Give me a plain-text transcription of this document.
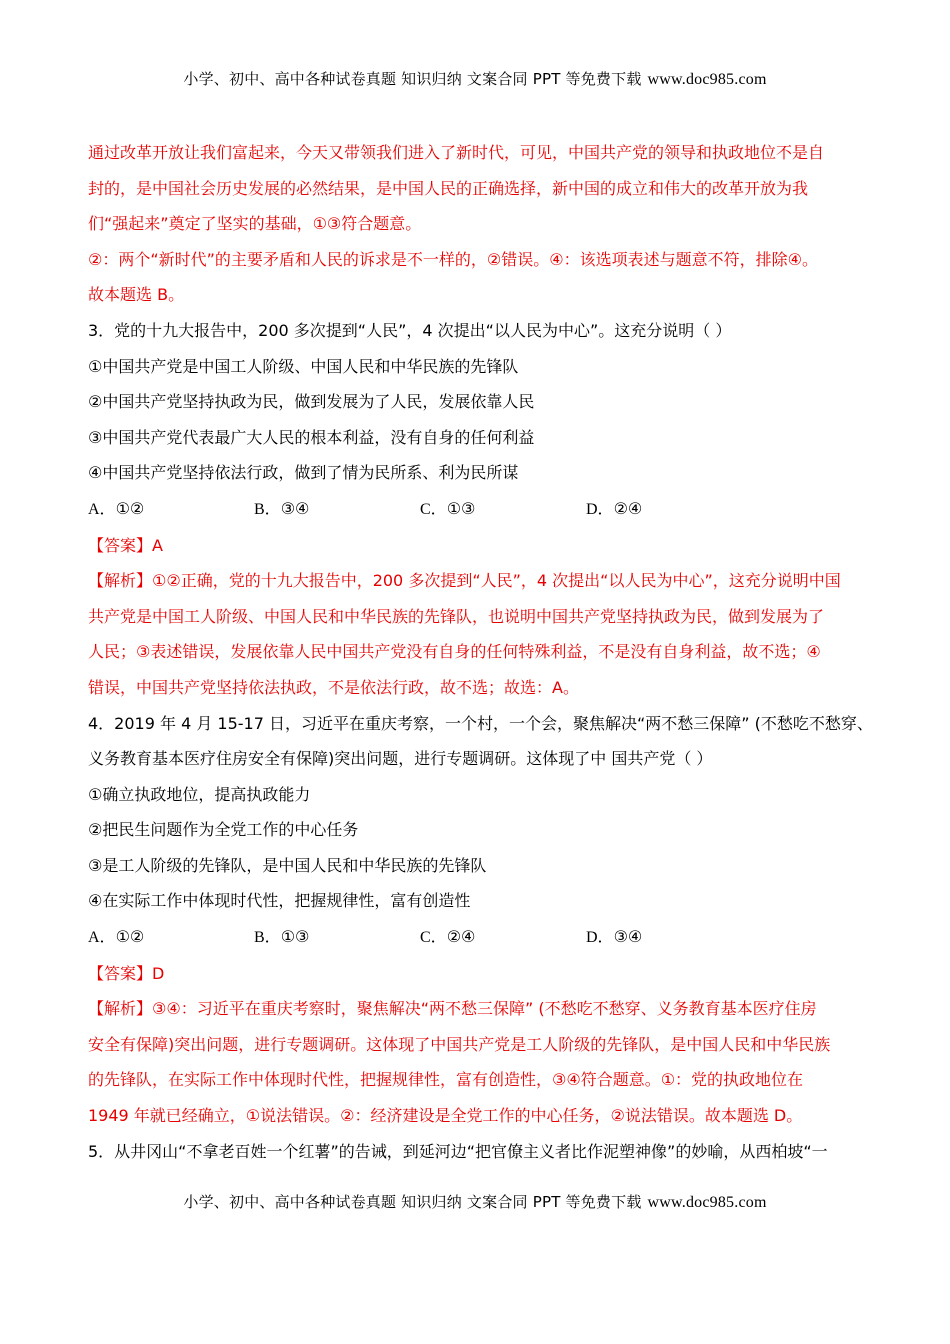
小学、初中、高中各种试卷真题 知识归纳 文案合同 PPT 等免费下载 www.doc985.com
通过改革开放让我们富起来，今天又带领我们进入了新时代，可见，中国共产党的领导和执政地位不是自
封的，是中国社会历史发展的必然结果，是中国人民的正确选择，新中国的成立和伟大的改革开放为我
们“强起来”奠定了坚实的基础，①③符合题意。
②：两个“新时代”的主要矛盾和人民的诉求是不一样的，②错误。④：该选项表述与题意不符，排除④。
故本题选 B。
3．党的十九大报告中，200 多次提到“人民”，4 次提出“以人民为中心”。这充分说明（ ）
①中国共产党是中国工人阶级、中国人民和中华民族的先锋队
②中国共产党坚持执政为民，做到发展为了人民，发展依靠人民
③中国共产党代表最广大人民的根本利益，没有自身的任何利益
④中国共产党坚持依法行政，做到了情为民所系、利为民所谋
A．①②	B．③④	C．①③	D．②④
【答案】A
【解析】①②正确，党的十九大报告中，200 多次提到“人民”，4 次提出“以人民为中心”，这充分说明中国
共产党是中国工人阶级、中国人民和中华民族的先锋队，也说明中国共产党坚持执政为民，做到发展为了
人民；③表述错误，发展依靠人民中国共产党没有自身的任何特殊利益，不是没有自身利益，故不选；④
错误，中国共产党坚持依法执政，不是依法行政，故不选；故选：A。
4．2019 年 4 月 15-17 日，习近平在重庆考察，一个村，一个会，聚焦解决“两不愁三保障” (不愁吃不愁穿、
义务教育基本医疗住房安全有保障)突出问题，进行专题调研。这体现了中 国共产党（ ）
①确立执政地位，提高执政能力
②把民生问题作为全党工作的中心任务
③是工人阶级的先锋队，是中国人民和中华民族的先锋队
④在实际工作中体现时代性，把握规律性，富有创造性
A．①②	B．①③	C．②④	D．③④
【答案】D
【解析】③④：习近平在重庆考察时，聚焦解决“两不愁三保障” (不愁吃不愁穿、义务教育基本医疗住房
安全有保障)突出问题，进行专题调研。这体现了中国共产党是工人阶级的先锋队，是中国人民和中华民族
的先锋队，在实际工作中体现时代性，把握规律性，富有创造性，③④符合题意。①：党的执政地位在
1949 年就已经确立，①说法错误。②：经济建设是全党工作的中心任务，②说法错误。故本题选 D。
5．从井冈山“不拿老百姓一个红薯”的告诫，到延河边“把官僚主义者比作泥塑神像”的妙喻，从西柏坡“一
小学、初中、高中各种试卷真题 知识归纳 文案合同 PPT 等免费下载 www.doc985.com
